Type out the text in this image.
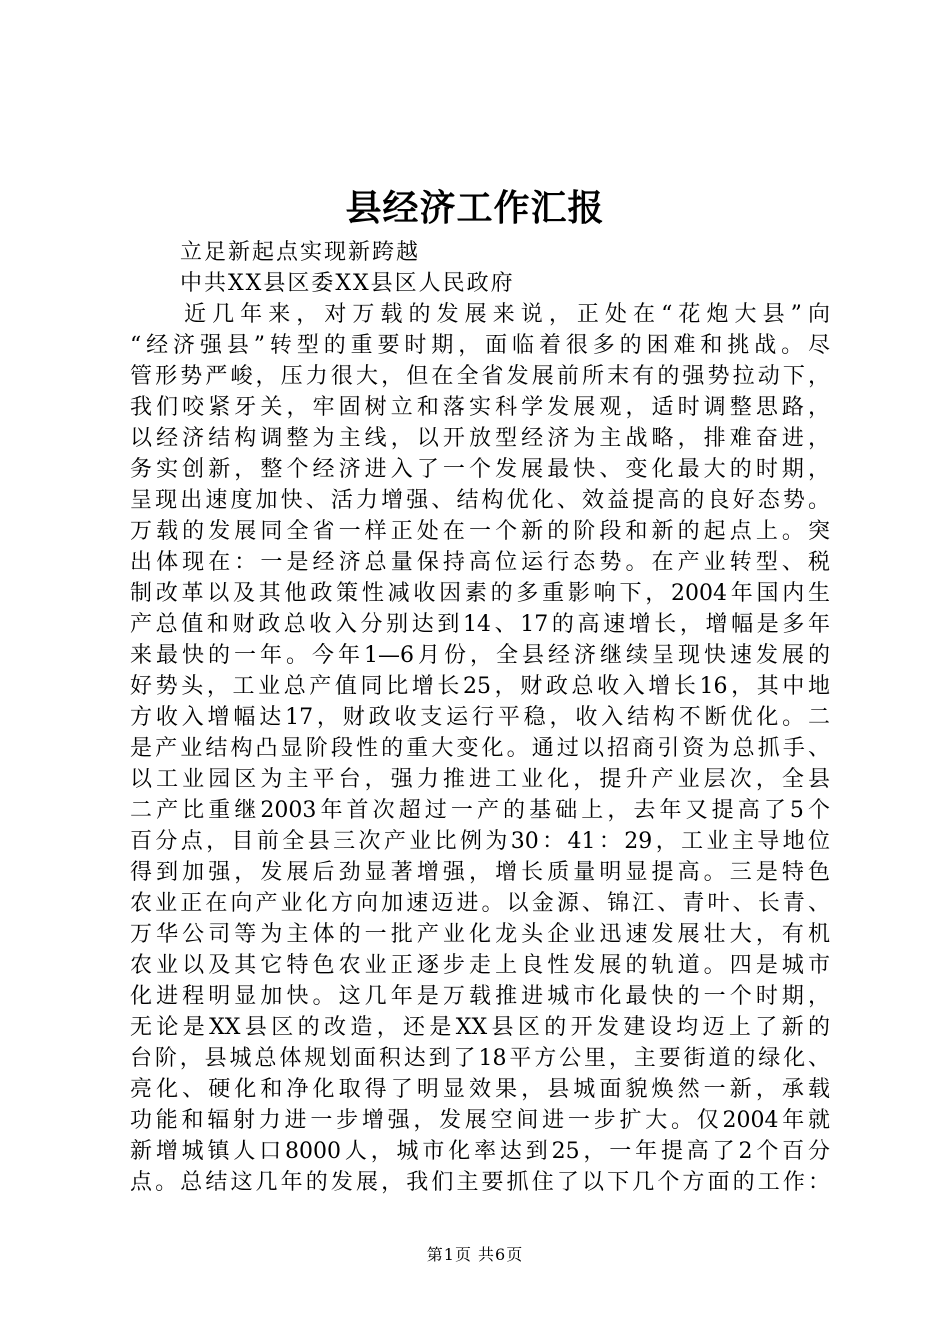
县经济工作汇报
立足新起点实现新跨越
中共XX县区委XX县区人民政府
近几年来，对万载的发展来说，正处在“花炮大县”向
“经济强县”转型的重要时期，面临着很多的困难和挑战。尽
管形势严峻，压力很大，但在全省发展前所末有的强势拉动下，
我们咬紧牙关，牢固树立和落实科学发展观，适时调整思路，
以经济结构调整为主线，以开放型经济为主战略，排难奋进，
务实创新，整个经济进入了一个发展最快、变化最大的时期，
呈现出速度加快、活力增强、结构优化、效益提高的良好态势。
万载的发展同全省一样正处在一个新的阶段和新的起点上。突
出体现在：一是经济总量保持高位运行态势。在产业转型、税
制改革以及其他政策性减收因素的多重影响下，2004年国内生
产总值和财政总收入分别达到14、17的高速增长，增幅是多年
来最快的一年。今年1—6月份，全县经济继续呈现快速发展的
好势头，工业总产值同比增长25，财政总收入增长16，其中地
方收入增幅达17，财政收支运行平稳，收入结构不断优化。二
是产业结构凸显阶段性的重大变化。通过以招商引资为总抓手、
以工业园区为主平台，强力推进工业化，提升产业层次，全县
二产比重继2003年首次超过一产的基础上，去年又提高了5个
百分点，目前全县三次产业比例为30：41：29，工业主导地位
得到加强，发展后劲显著增强，增长质量明显提高。三是特色
农业正在向产业化方向加速迈进。以金源、锦江、青叶、长青、
万华公司等为主体的一批产业化龙头企业迅速发展壮大，有机
农业以及其它特色农业正逐步走上良性发展的轨道。四是城市
化进程明显加快。这几年是万载推进城市化最快的一个时期，
无论是XX县区的改造，还是XX县区的开发建设均迈上了新的
台阶，县城总体规划面积达到了18平方公里，主要街道的绿化、
亮化、硬化和净化取得了明显效果，县城面貌焕然一新，承载
功能和辐射力进一步增强，发展空间进一步扩大。仅2004年就
新增城镇人口8000人，城市化率达到25，一年提高了2个百分
点。总结这几年的发展，我们主要抓住了以下几个方面的工作：
第1页 共6页
